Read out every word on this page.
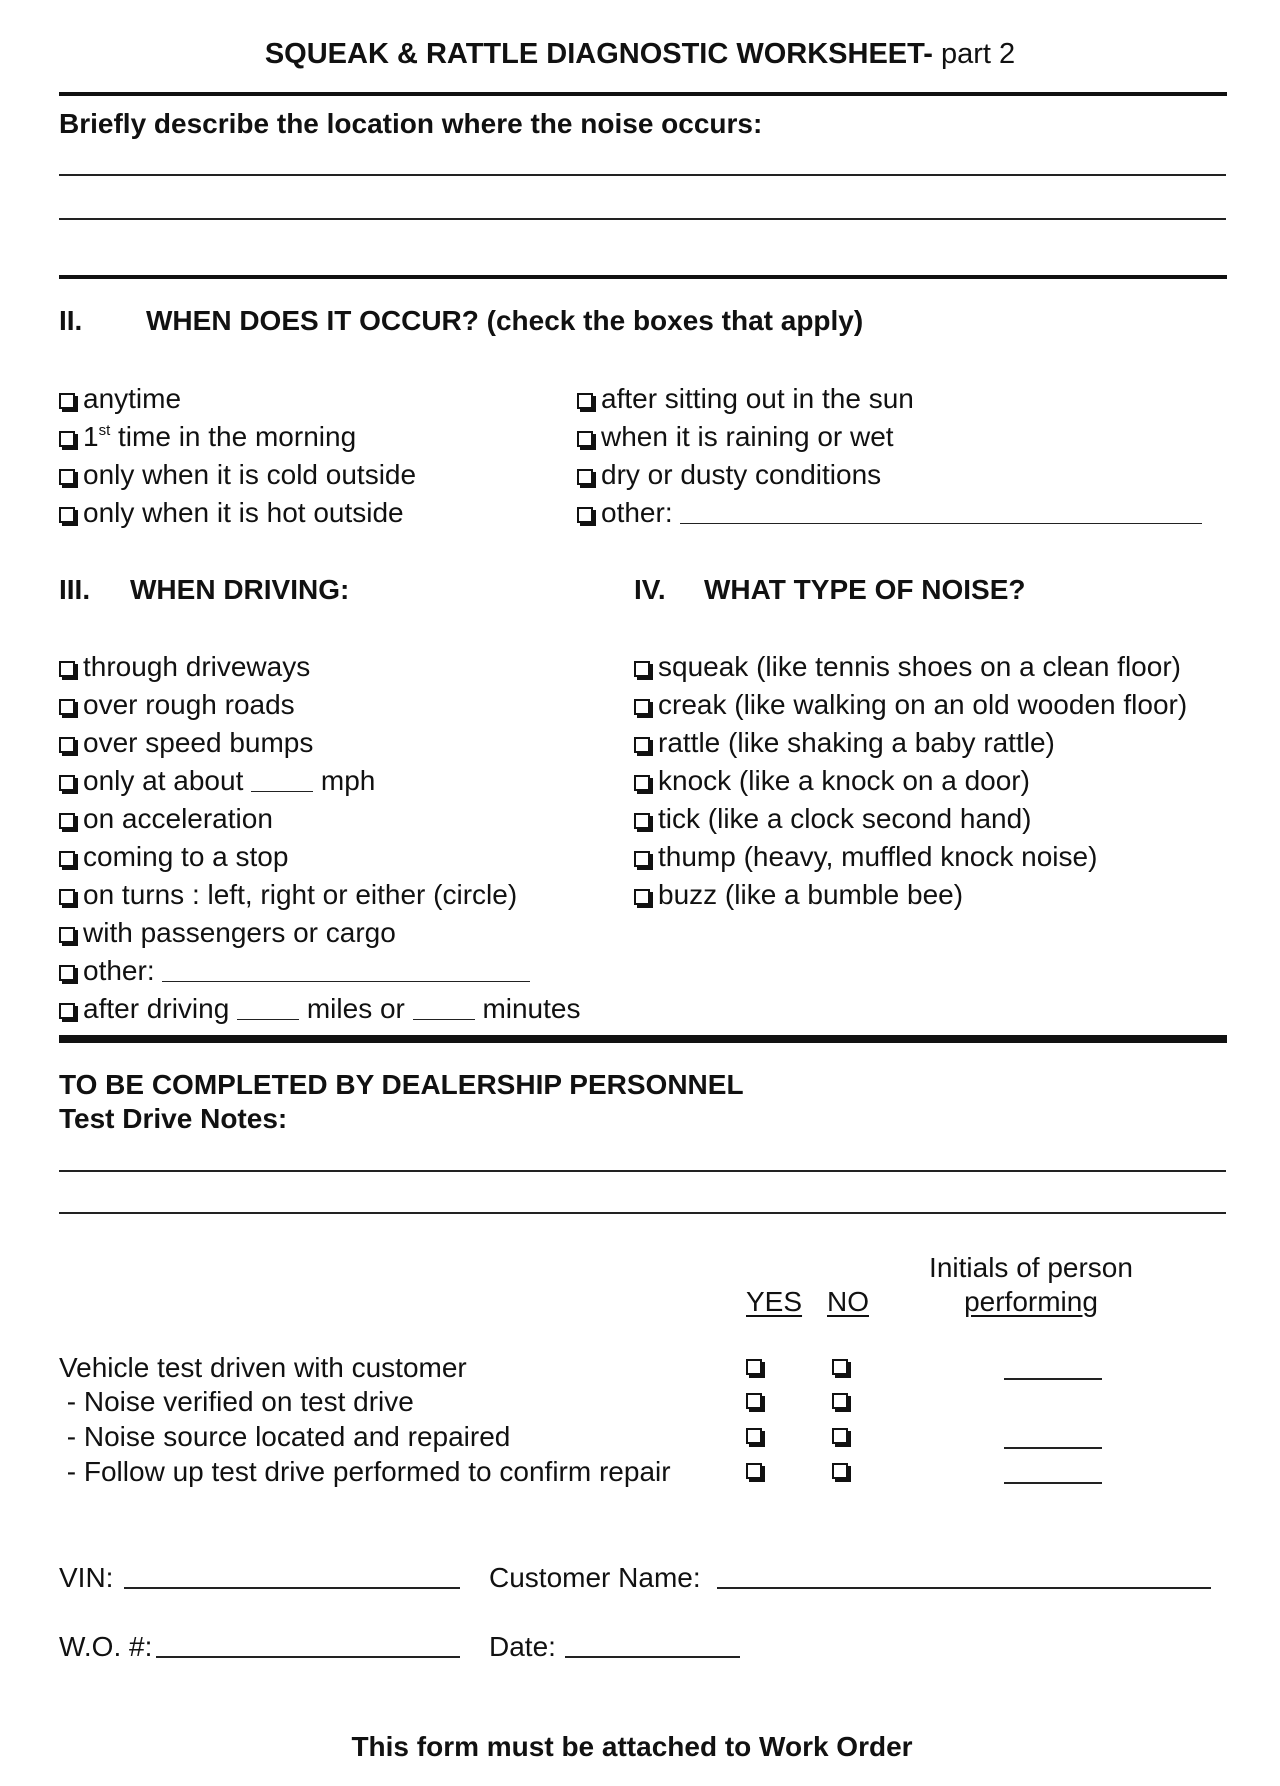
SQUEAK & RATTLE DIAGNOSTIC WORKSHEET- part 2
Briefly describe the location where the noise occurs:
II. WHEN DOES IT OCCUR? (check the boxes that apply)
anytime
1st time in the morning
only when it is cold outside
only when it is hot outside
after sitting out in the sun
when it is raining or wet
dry or dusty conditions
other:
III. WHEN DRIVING:
through driveways
over rough roads
over speed bumps
only at about	mph
on acceleration
coming to a stop
on turns : left, right or either (circle)
with passengers or cargo
other:
after driving	miles or	minutes
IV. WHAT TYPE OF NOISE?
squeak (like tennis shoes on a clean floor)
creak (like walking on an old wooden floor)
rattle (like shaking a baby rattle)
knock (like a knock on a door)
tick (like a clock second hand)
thump (heavy, muffled knock noise)
buzz (like a bumble bee)
TO BE COMPLETED BY DEALERSHIP PERSONNEL
Test Drive Notes:
Initials of person
performing
YES NO
Vehicle test driven with customer
- Noise verified on test drive
- Noise source located and repaired
- Follow up test drive performed to confirm repair
VIN:	Customer Name:
W.O. #:	Date:
This form must be attached to Work Order
